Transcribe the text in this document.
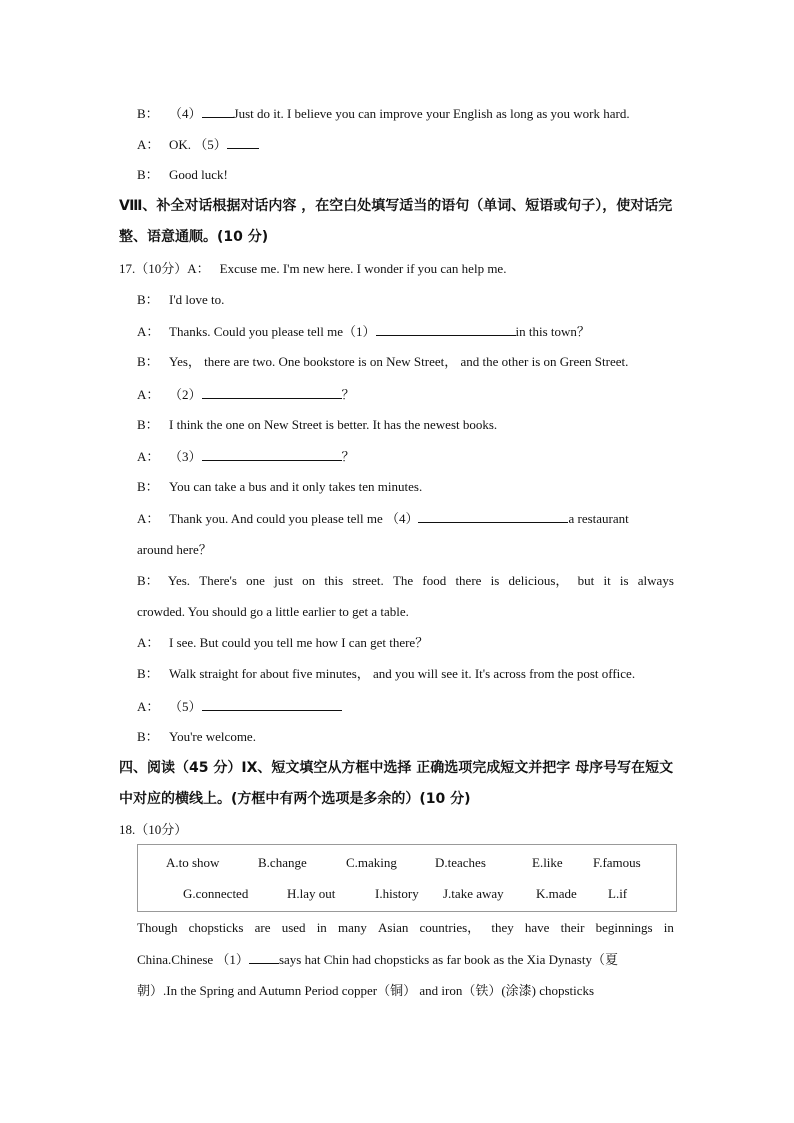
B： （4） Just do it. I believe you can improve your English as long as you work hard.
A： OK. （5）
B： Good luck!
Ⅷ、补全对话根据对话内容 ，在空白处填写适当的语句（单词、短语或句子），使对话完
整、语意通顺。(10 分)
17.（10分）A： Excuse me. I'm new here. I wonder if you can help me.
B： I'd love to.
A： Thanks. Could you please tell me（1）	in this town？
B： Yes， there are two. One bookstore is on New Street， and the other is on Green Street.
A： （2）	？
B： I think the one on New Street is better. It has the newest books.
A： （3）	？
B： You can take a bus and it only takes ten minutes.
A： Thank you. And could you please tell me （4）	a restaurant
around here？
B： Yes. There's one just on this street. The food there is delicious， but it is always
crowded. You should go a little earlier to get a table.
A： I see. But could you tell me how I can get there？
B： Walk straight for about five minutes， and you will see it. It's across from the post office.
A： （5）
B： You're welcome.
四、阅读（45 分）IX、短文填空从方框中选择 正确选项完成短文并把字 母序号写在短文
中对应的横线上。(方框中有两个选项是多余的）(10 分)
18.（10分）
A.to show	B.change	C.making	D.teaches	E.like F.famous
G.connected	H.lay out	I.history J.take away K.made L.if
Though chopsticks are used in many Asian countries， they have their beginnings in
China.Chinese （1） says hat Chin had chopsticks as far book as the Xia Dynasty（夏
朝）.In the Spring and Autumn Period copper（铜） and iron（铁）(涂漆) chopsticks
